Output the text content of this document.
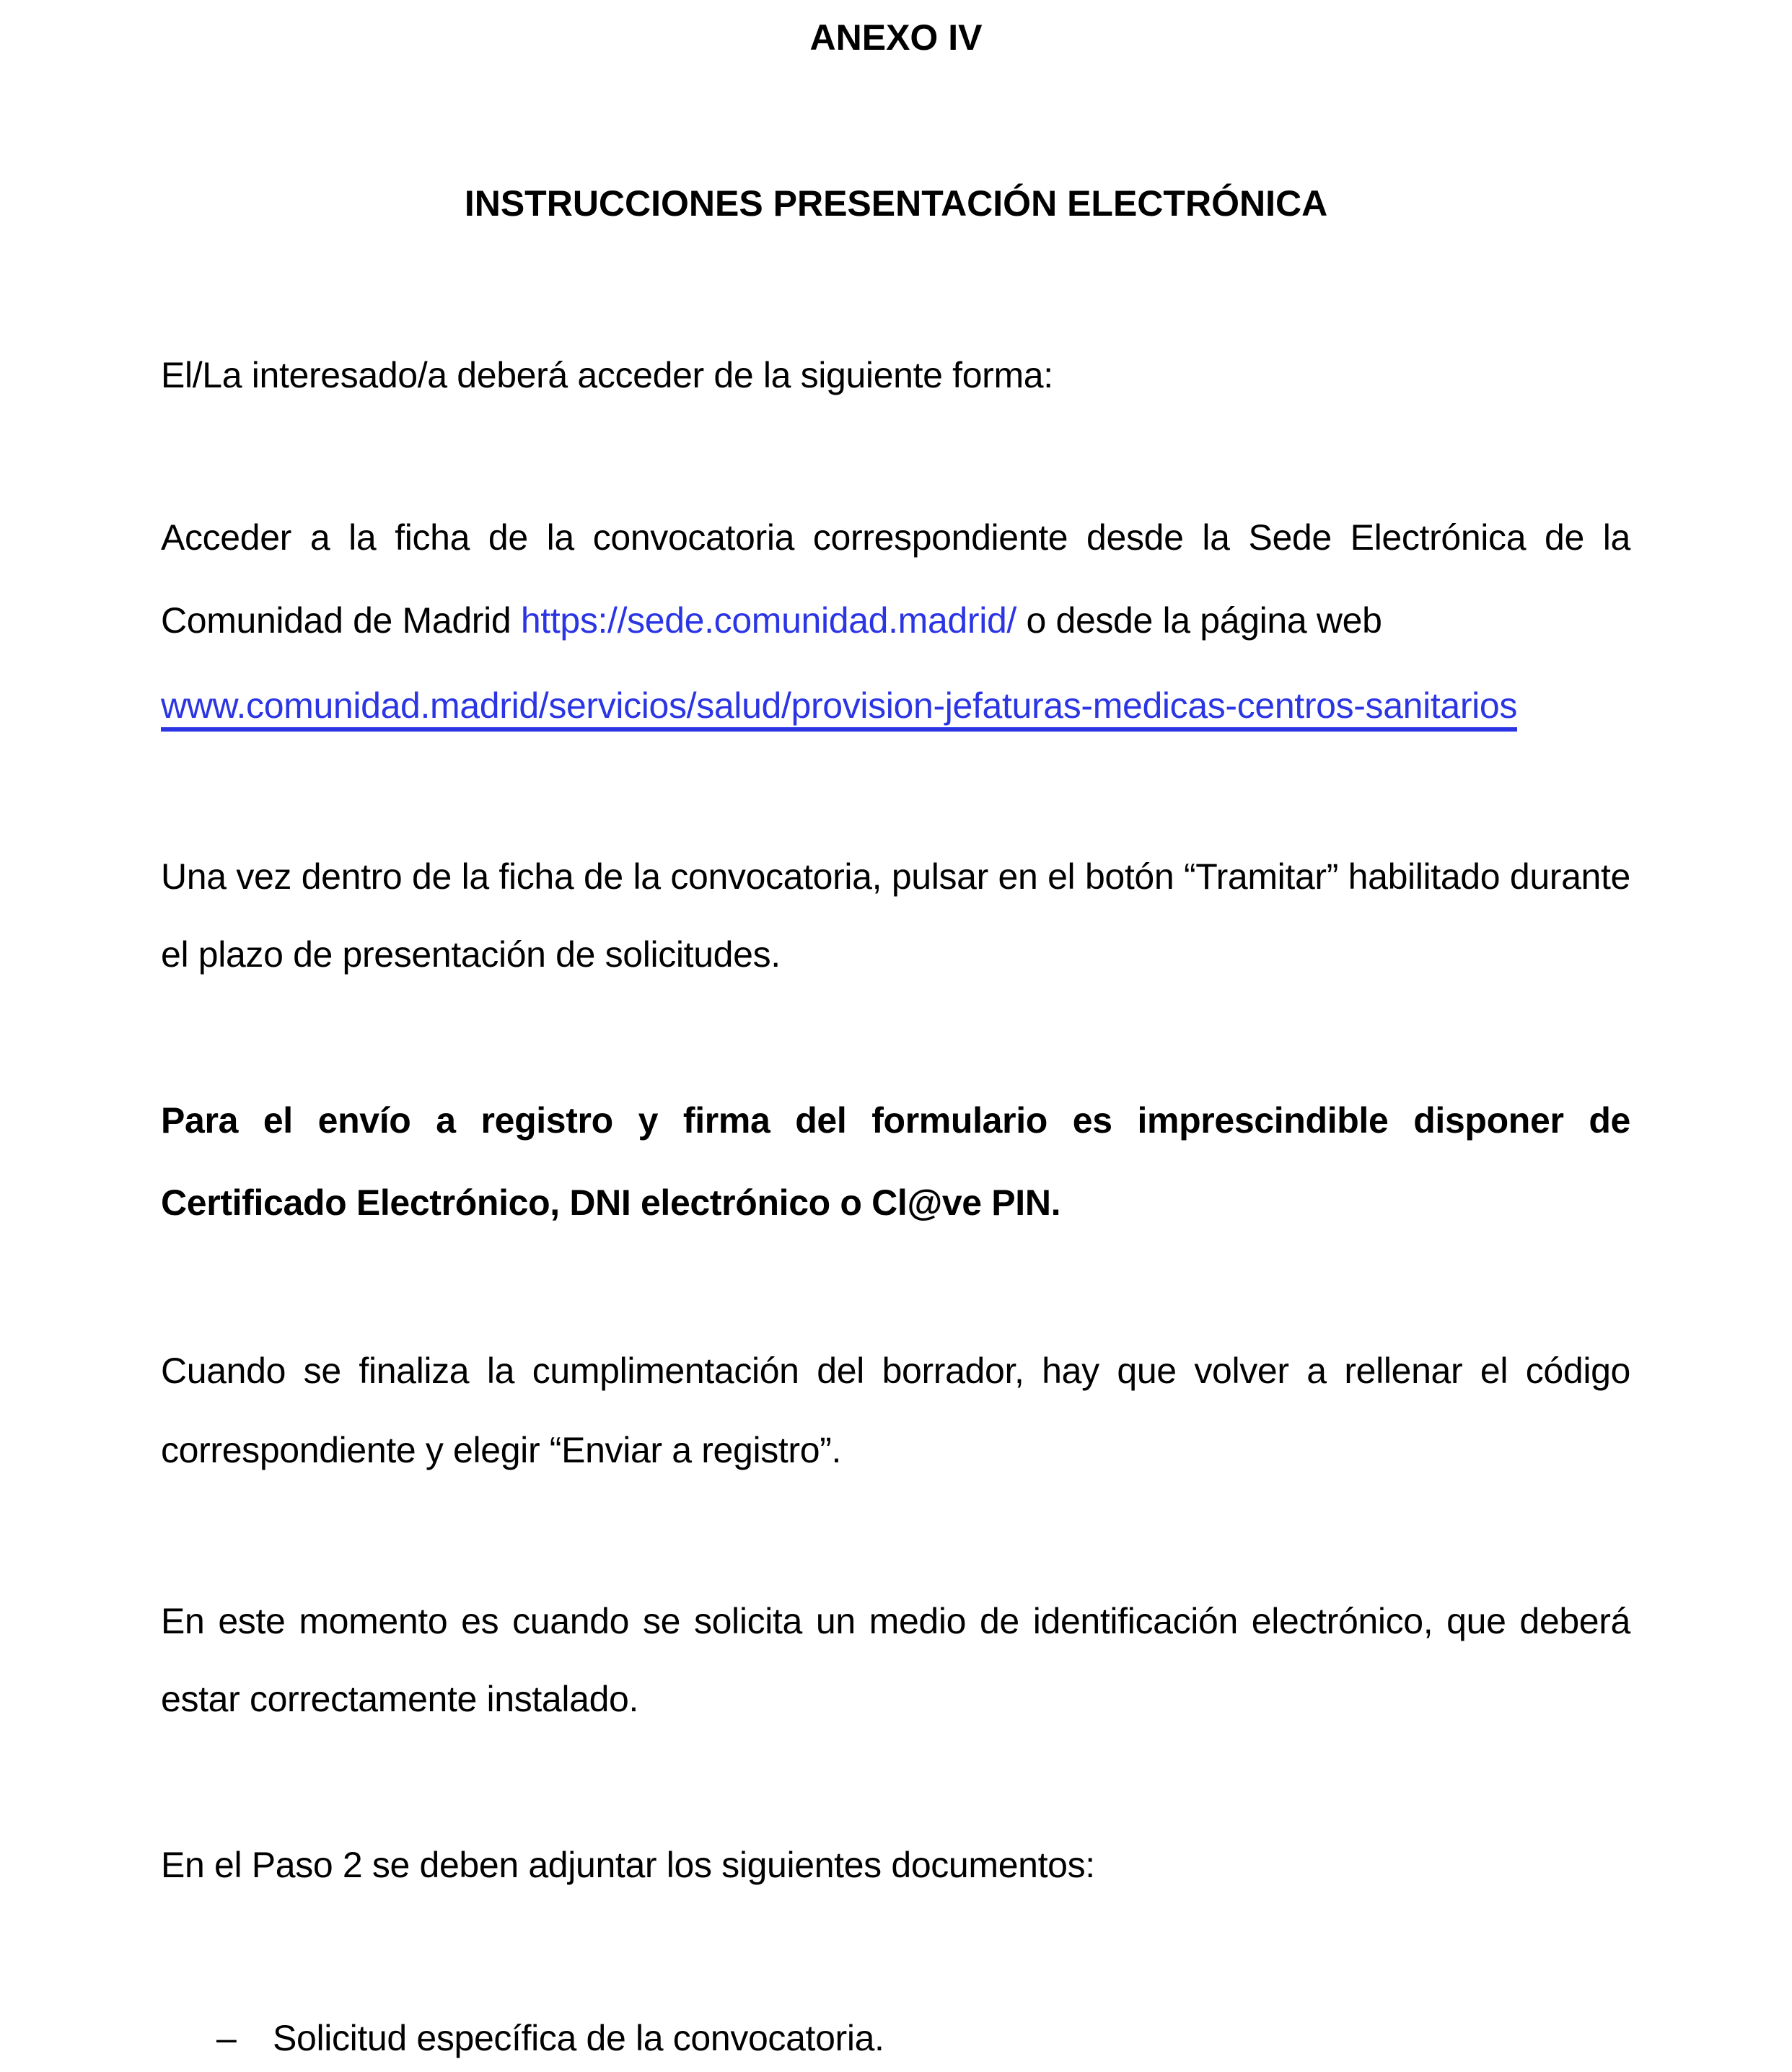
ANEXO IV
INSTRUCCIONES PRESENTACIÓN ELECTRÓNICA
El/La interesado/a deberá acceder de la siguiente forma:
Acceder a la ficha de la convocatoria correspondiente desde la Sede Electrónica de la
Comunidad de Madrid https://sede.comunidad.madrid/ o desde la página web
www.comunidad.madrid/servicios/salud/provision-jefaturas-medicas-centros-sanitarios
Una vez dentro de la ficha de la convocatoria, pulsar en el botón “Tramitar” habilitado durante
el plazo de presentación de solicitudes.
Para el envío a registro y firma del formulario es imprescindible disponer de
Certificado Electrónico, DNI electrónico o Cl@ve PIN.
Cuando se finaliza la cumplimentación del borrador, hay que volver a rellenar el código
correspondiente y elegir “Enviar a registro”.
En este momento es cuando se solicita un medio de identificación electrónico, que deberá
estar correctamente instalado.
En el Paso 2 se deben adjuntar los siguientes documentos:
– Solicitud específica de la convocatoria.
